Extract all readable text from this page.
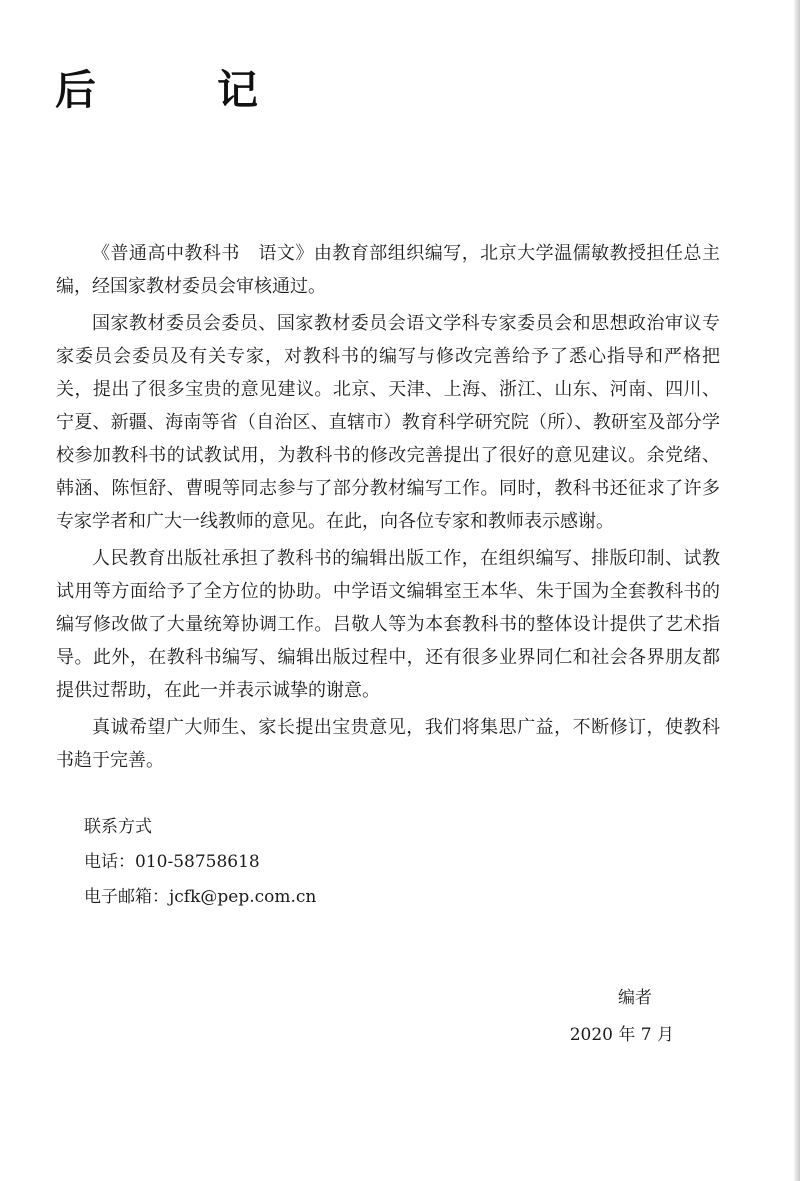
后　记

《普通高中教科书　语文》由教育部组织编写，北京大学温儒敏教授担任总主编，经国家教材委员会审核通过。

国家教材委员会委员、国家教材委员会语文学科专家委员会和思想政治审议专家委员会委员及有关专家，对教科书的编写与修改完善给予了悉心指导和严格把关，提出了很多宝贵的意见建议。北京、天津、上海、浙江、山东、河南、四川、宁夏、新疆、海南等省（自治区、直辖市）教育科学研究院（所）、教研室及部分学校参加教科书的试教试用，为教科书的修改完善提出了很好的意见建议。余党绪、韩涵、陈恒舒、曹晛等同志参与了部分教材编写工作。同时，教科书还征求了许多专家学者和广大一线教师的意见。在此，向各位专家和教师表示感谢。

人民教育出版社承担了教科书的编辑出版工作，在组织编写、排版印制、试教试用等方面给予了全方位的协助。中学语文编辑室王本华、朱于国为全套教科书的编写修改做了大量统筹协调工作。吕敬人等为本套教科书的整体设计提供了艺术指导。此外，在教科书编写、编辑出版过程中，还有很多业界同仁和社会各界朋友都提供过帮助，在此一并表示诚挚的谢意。

真诚希望广大师生、家长提出宝贵意见，我们将集思广益，不断修订，使教科书趋于完善。

联系方式
电话：010-58758618
电子邮箱：jcfk@pep.com.cn
编者
2020 年 7 月
